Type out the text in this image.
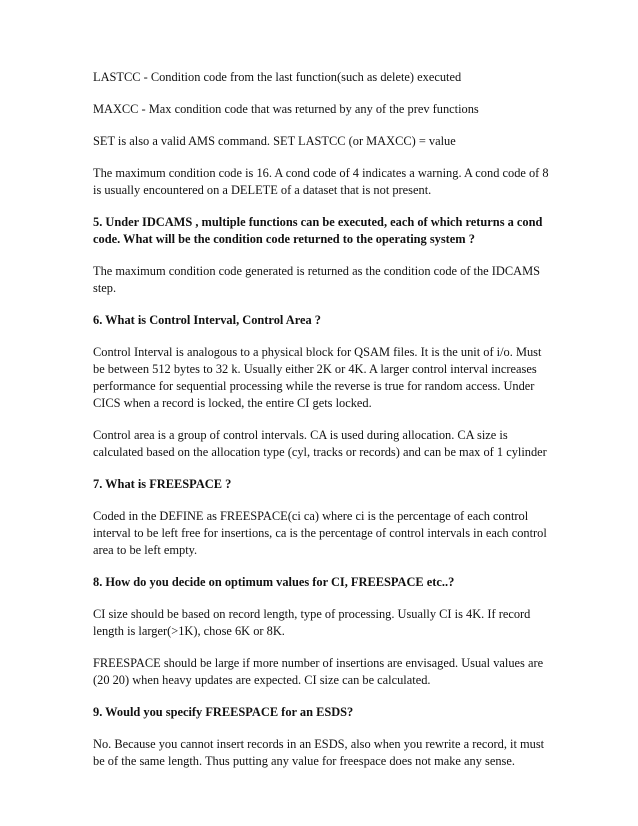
LASTCC - Condition code from the last function(such as delete) executed

MAXCC - Max condition code that was returned by any of the prev functions

SET is also a valid AMS command. SET LASTCC (or MAXCC) = value

The maximum condition code is 16. A cond code of 4 indicates a warning. A cond code of 8 is usually encountered on a DELETE of a dataset that is not present.

5. Under IDCAMS , multiple functions can be executed, each of which returns a cond code. What will be the condition code returned to the operating system ?

The maximum condition code generated is returned as the condition code of the IDCAMS step.

6. What is Control Interval, Control Area ?

Control Interval is analogous to a physical block for QSAM files. It is the unit of i/o. Must be between 512 bytes to 32 k. Usually either 2K or 4K. A larger control interval increases performance for sequential processing while the reverse is true for random access. Under CICS when a record is locked, the entire CI gets locked.

Control area is a group of control intervals. CA is used during allocation. CA size is calculated based on the allocation type (cyl, tracks or records) and can be max of 1 cylinder

7. What is FREESPACE ?

Coded in the DEFINE as FREESPACE(ci ca) where ci is the percentage of each control interval to be left free for insertions, ca is the percentage of control intervals in each control area to be left empty.

8. How do you decide on optimum values for CI, FREESPACE etc..?

CI size should be based on record length, type of processing. Usually CI is 4K. If record length is larger(>1K), chose 6K or 8K.

FREESPACE should be large if more number of insertions are envisaged. Usual values are (20 20) when heavy updates are expected. CI size can be calculated.

9. Would you specify FREESPACE for an ESDS?

No. Because you cannot insert records in an ESDS, also when you rewrite a record, it must be of the same length. Thus putting any value for freespace does not make any sense.
